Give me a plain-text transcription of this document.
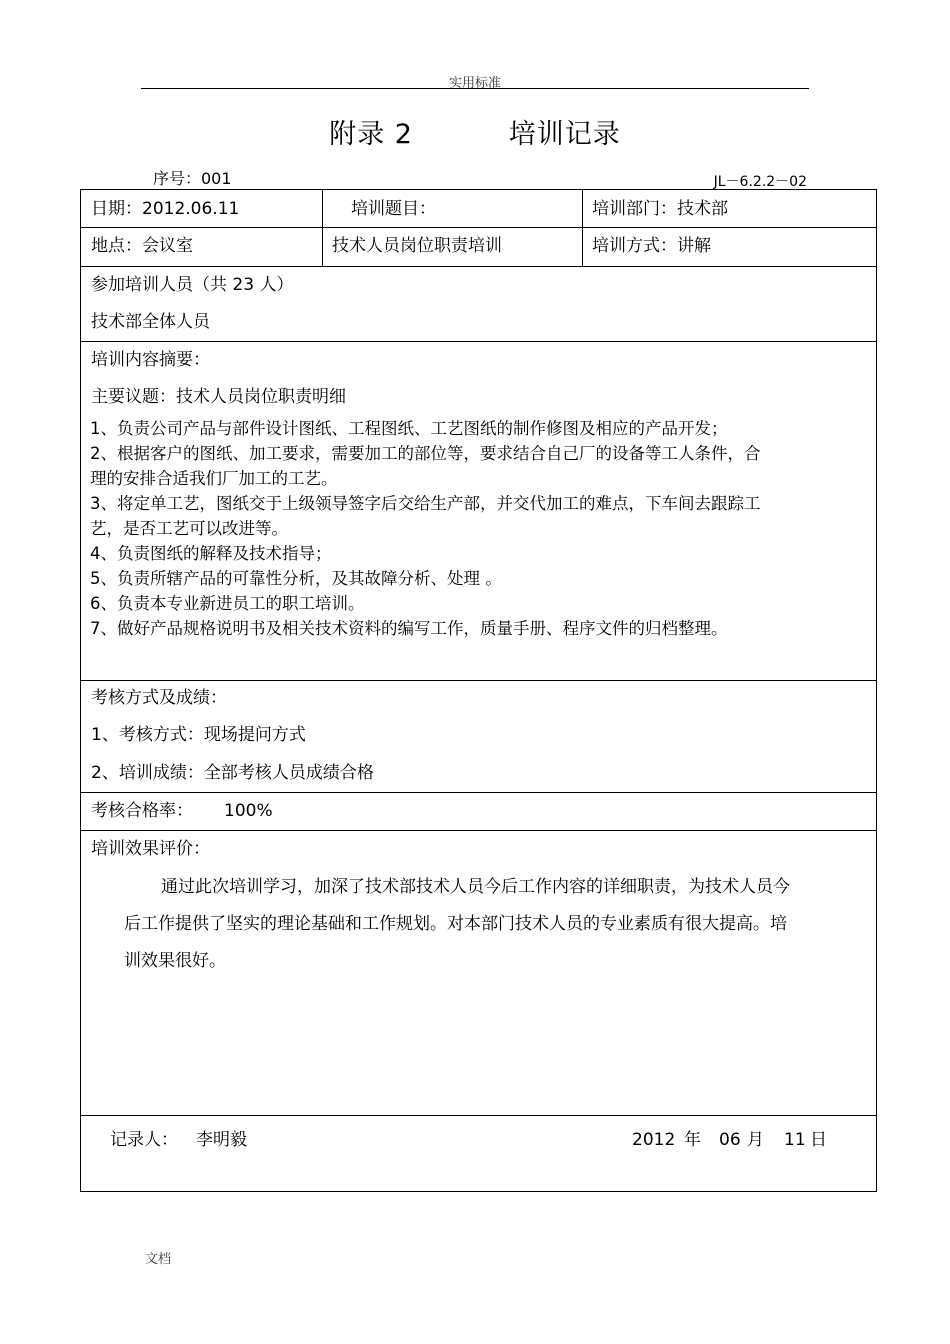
实用标准
附录 2	培训记录
序号：001	JL－6.2.2－02
日期：2012.06.11	培训题目：	培训部门：技术部
地点：会议室	技术人员岗位职责培训	培训方式：讲解
参加培训人员（共 23 人）
技术部全体人员
培训内容摘要：
主要议题：技术人员岗位职责明细
1、负责公司产品与部件设计图纸、工程图纸、工艺图纸的制作修图及相应的产品开发；
2、根据客户的图纸、加工要求，需要加工的部位等，要求结合自己厂的设备等工人条件，合
理的安排合适我们厂加工的工艺。
3、将定单工艺，图纸交于上级领导签字后交给生产部，并交代加工的难点，下车间去跟踪工
艺，是否工艺可以改进等。
4、负责图纸的解释及技术指导；
5、负责所辖产品的可靠性分析，及其故障分析、处理 。
6、负责本专业新进员工的职工培训。
7、做好产品规格说明书及相关技术资料的编写工作，质量手册、程序文件的归档整理。
考核方式及成绩：
1、考核方式：现场提问方式
2、培训成绩：全部考核人员成绩合格
考核合格率： 100%
培训效果评价：
通过此次培训学习，加深了技术部技术人员今后工作内容的详细职责，为技术人员今
后工作提供了坚实的理论基础和工作规划。对本部门技术人员的专业素质有很大提高。培
训效果很好。
记录人： 李明毅	2012 年 06 月 11 日
文档
